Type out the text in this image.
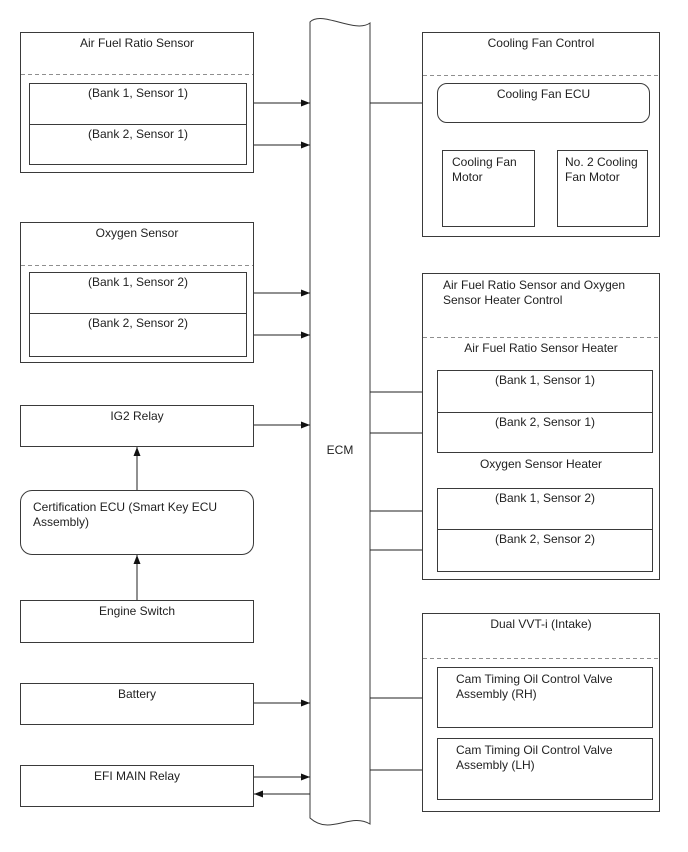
Air Fuel Ratio Sensor
(Bank 1, Sensor 1)
(Bank 2, Sensor 1)
Oxygen Sensor
(Bank 1, Sensor 2)
(Bank 2, Sensor 2)
IG2 Relay
Certification ECU (Smart Key ECU Assembly)
Engine Switch
Battery
EFI MAIN Relay
ECM
Cooling Fan Control
Cooling Fan ECU
Cooling Fan Motor
No. 2 Cooling Fan Motor
Air Fuel Ratio Sensor and Oxygen Sensor Heater Control
Air Fuel Ratio Sensor Heater
(Bank 1, Sensor 1)
(Bank 2, Sensor 1)
Oxygen Sensor Heater
(Bank 1, Sensor 2)
(Bank 2, Sensor 2)
Dual VVT-i (Intake)
Cam Timing Oil Control Valve Assembly (RH)
Cam Timing Oil Control Valve Assembly (LH)
